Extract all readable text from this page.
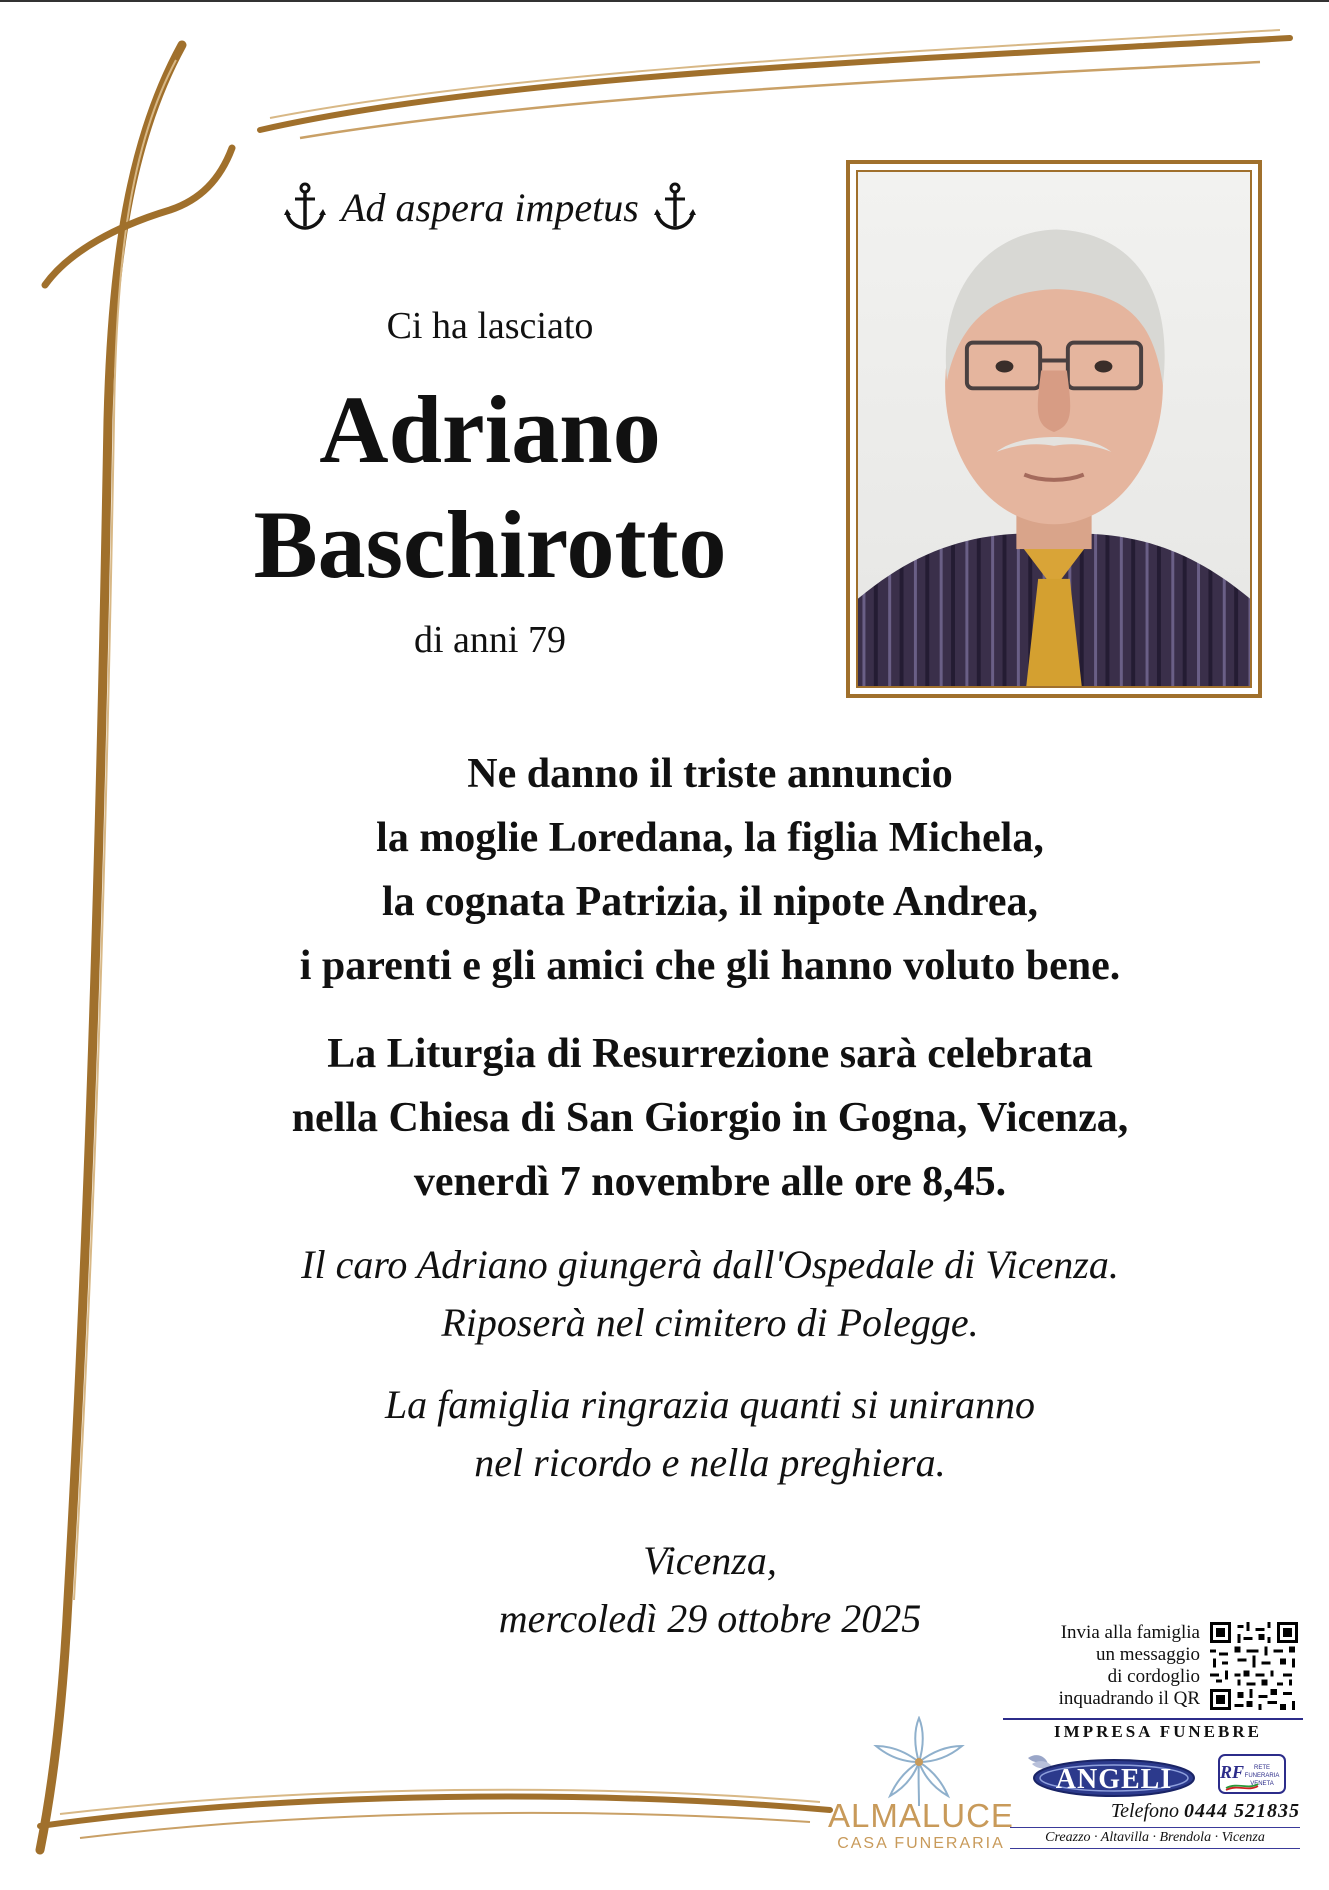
Ad aspera impetus
Ci ha lasciato
Adriano
Baschirotto
di anni 79
Ne danno il triste annuncio
la moglie Loredana, la figlia Michela,
la cognata Patrizia, il nipote Andrea,
i parenti e gli amici che gli hanno voluto bene.
La Liturgia di Resurrezione sarà celebrata
nella Chiesa di San Giorgio in Gogna, Vicenza,
venerdì 7 novembre alle ore 8,45.
Il caro Adriano giungerà dall'Ospedale di Vicenza.
Riposerà nel cimitero di Polegge.
La famiglia ringrazia quanti si uniranno
nel ricordo e nella preghiera.
Vicenza,
mercoledì 29 ottobre 2025	Invia alla famiglia
un messaggio
di cordoglio
inquadrando il QR
IMPRESA FUNEBRE
ANGELI	RF RETE
FUNERARIA
VENETA
Telefono 0444 521835
Creazzo · Altavilla · Brendola · Vicenza
ALMALUCE
CASA FUNERARIA
